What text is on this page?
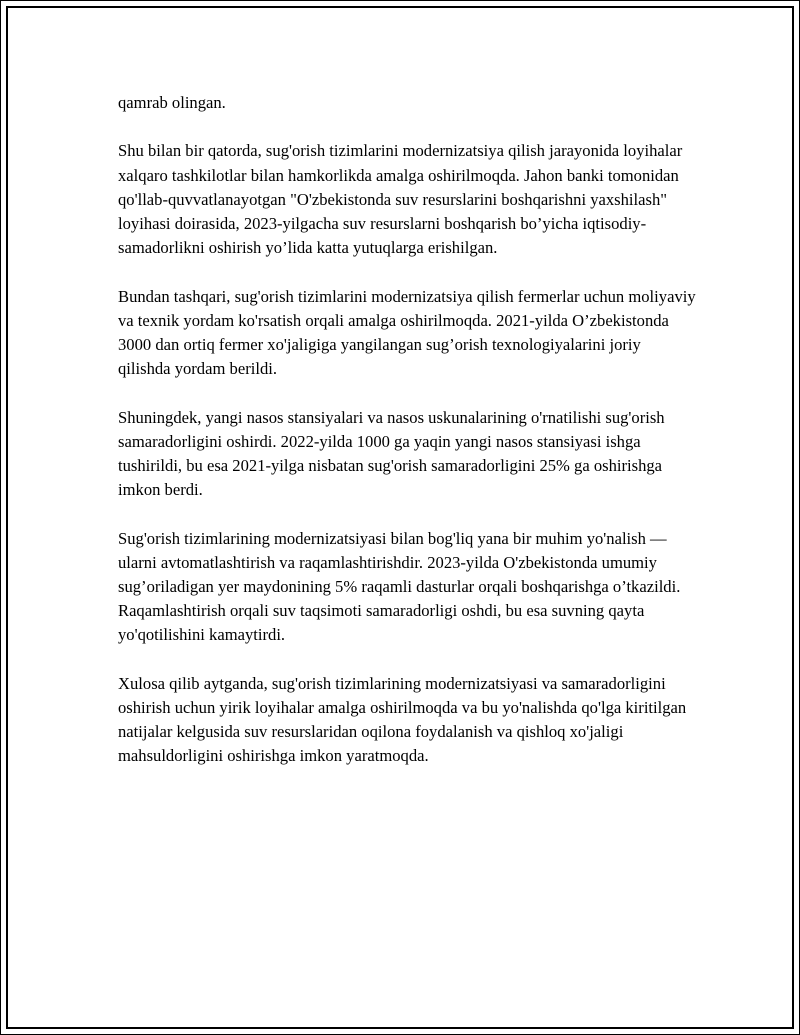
qamrab olingan.

Shu bilan bir qatorda, sug'orish tizimlarini modernizatsiya qilish jarayonida loyihalar xalqaro tashkilotlar bilan hamkorlikda amalga oshirilmoqda. Jahon banki tomonidan qo'llab-quvvatlanayotgan "O'zbekistonda suv resurslarini boshqarishni yaxshilash" loyihasi doirasida, 2023-yilgacha suv resurslarni boshqarish bo’yicha iqtisodiy-samadorlikni oshirish yo’lida katta yutuqlarga erishilgan.

Bundan tashqari, sug'orish tizimlarini modernizatsiya qilish fermerlar uchun moliyaviy va texnik yordam ko'rsatish orqali amalga oshirilmoqda. 2021-yilda O’zbekistonda 3000 dan ortiq fermer xo'jaligiga yangilangan sug’orish texnologiyalarini joriy qilishda yordam berildi.

Shuningdek, yangi nasos stansiyalari va nasos uskunalarining o'rnatilishi sug'orish samaradorligini oshirdi. 2022-yilda 1000 ga yaqin yangi nasos stansiyasi ishga tushirildi, bu esa 2021-yilga nisbatan sug'orish samaradorligini 25% ga oshirishga imkon berdi.

Sug'orish tizimlarining modernizatsiyasi bilan bog'liq yana bir muhim yo'nalish — ularni avtomatlashtirish va raqamlashtirishdir. 2023-yilda O'zbekistonda umumiy sug’oriladigan yer maydonining 5% raqamli dasturlar orqali boshqarishga o’tkazildi. Raqamlashtirish orqali suv taqsimoti samaradorligi oshdi, bu esa suvning qayta yo'qotilishini kamaytirdi.

Xulosa qilib aytganda, sug'orish tizimlarining modernizatsiyasi va samaradorligini oshirish uchun yirik loyihalar amalga oshirilmoqda va bu yo'nalishda qo'lga kiritilgan natijalar kelgusida suv resurslaridan oqilona foydalanish va qishloq xo'jaligi mahsuldorligini oshirishga imkon yaratmoqda.
